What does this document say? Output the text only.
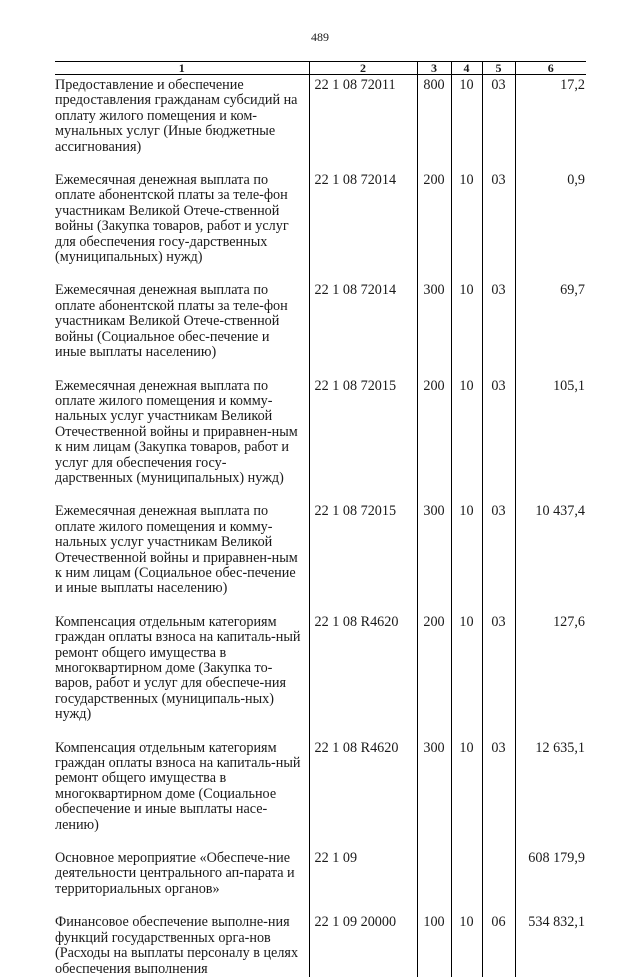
489
1	2	3	4	5	6
Предоставление и обеспечение предоставления гражданам субсидий на оплату жилого помещения и ком-мунальных услуг (Иные бюджетные ассигнования)	22 1 08 72011	800	10	03	17,2

Ежемесячная денежная выплата по оплате абонентской платы за теле-фон участникам Великой Отече-ственной войны (Закупка товаров, работ и услуг для обеспечения госу-дарственных (муниципальных) нужд)	22 1 08 72014	200	10	03	0,9

Ежемесячная денежная выплата по оплате абонентской платы за теле-фон участникам Великой Отече-ственной войны (Социальное обес-печение и иные выплаты населению)	22 1 08 72014	300	10	03	69,7

Ежемесячная денежная выплата по оплате жилого помещения и комму-нальных услуг участникам Великой Отечественной войны и приравнен-ным к ним лицам (Закупка товаров, работ и услуг для обеспечения госу-дарственных (муниципальных) нужд)	22 1 08 72015	200	10	03	105,1

Ежемесячная денежная выплата по оплате жилого помещения и комму-нальных услуг участникам Великой Отечественной войны и приравнен-ным к ним лицам (Социальное обес-печение и иные выплаты населению)	22 1 08 72015	300	10	03	10 437,4

Компенсация отдельным категориям граждан оплаты взноса на капиталь-ный ремонт общего имущества в многоквартирном доме (Закупка то-варов, работ и услуг для обеспече-ния государственных (муниципаль-ных) нужд)	22 1 08 R4620	200	10	03	127,6

Компенсация отдельным категориям граждан оплаты взноса на капиталь-ный ремонт общего имущества в многоквартирном доме (Социальное обеспечение и иные выплаты насе-лению)	22 1 08 R4620	300	10	03	12 635,1

Основное мероприятие «Обеспече-ние деятельности центрального ап-парата и территориальных органов»	22 1 09				608 179,9

Финансовое обеспечение выполне-ния функций государственных орга-нов (Расходы на выплаты персоналу в целях обеспечения выполнения	22 1 09 20000	100	10	06	534 832,1
